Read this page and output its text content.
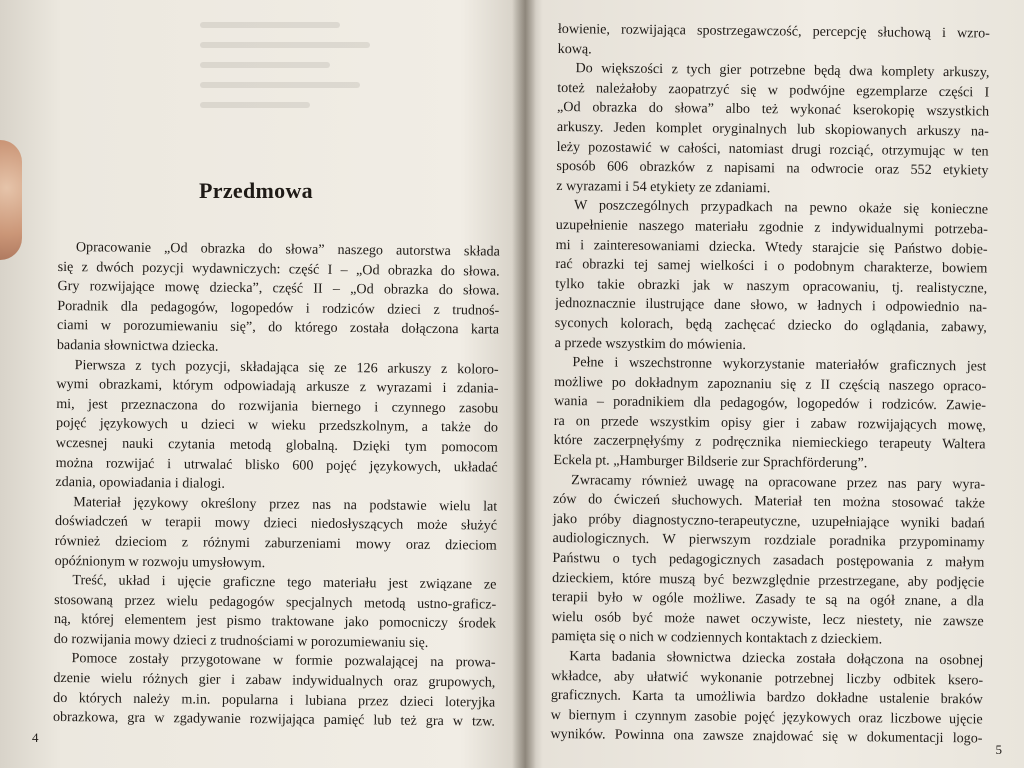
Przedmowa
Opracowanie „Od obrazka do słowa” naszego autorstwa składa
się z dwóch pozycji wydawniczych: część I – „Od obrazka do słowa.
Gry rozwijające mowę dziecka”, część II – „Od obrazka do słowa.
Poradnik dla pedagogów, logopedów i rodziców dzieci z trudnoś-
ciami w porozumiewaniu się”, do którego została dołączona karta
badania słownictwa dziecka.
Pierwsza z tych pozycji, składająca się ze 126 arkuszy z koloro-
wymi obrazkami, którym odpowiadają arkusze z wyrazami i zdania-
mi, jest przeznaczona do rozwijania biernego i czynnego zasobu
pojęć językowych u dzieci w wieku przedszkolnym, a także do
wczesnej nauki czytania metodą globalną. Dzięki tym pomocom
można rozwijać i utrwalać blisko 600 pojęć językowych, układać
zdania, opowiadania i dialogi.
Materiał językowy określony przez nas na podstawie wielu lat
doświadczeń w terapii mowy dzieci niedosłyszących może służyć
również dzieciom z różnymi zaburzeniami mowy oraz dzieciom
opóźnionym w rozwoju umysłowym.
Treść, układ i ujęcie graficzne tego materiału jest związane ze
stosowaną przez wielu pedagogów specjalnych metodą ustno-graficz-
ną, której elementem jest pismo traktowane jako pomocniczy środek
do rozwijania mowy dzieci z trudnościami w porozumiewaniu się.
Pomoce zostały przygotowane w formie pozwalającej na prowa-
dzenie wielu różnych gier i zabaw indywidualnych oraz grupowych,
do których należy m.in. popularna i lubiana przez dzieci loteryjka
obrazkowa, gra w zgadywanie rozwijająca pamięć lub też gra w tzw.
4
łowienie, rozwijająca spostrzegawczość, percepcję słuchową i wzro-
kową.
Do większości z tych gier potrzebne będą dwa komplety arkuszy,
toteż należałoby zaopatrzyć się w podwójne egzemplarze części I
„Od obrazka do słowa” albo też wykonać kserokopię wszystkich
arkuszy. Jeden komplet oryginalnych lub skopiowanych arkuszy na-
leży pozostawić w całości, natomiast drugi rozciąć, otrzymując w ten
sposób 606 obrazków z napisami na odwrocie oraz 552 etykiety
z wyrazami i 54 etykiety ze zdaniami.
W poszczególnych przypadkach na pewno okaże się konieczne
uzupełnienie naszego materiału zgodnie z indywidualnymi potrzeba-
mi i zainteresowaniami dziecka. Wtedy starajcie się Państwo dobie-
rać obrazki tej samej wielkości i o podobnym charakterze, bowiem
tylko takie obrazki jak w naszym opracowaniu, tj. realistyczne,
jednoznacznie ilustrujące dane słowo, w ładnych i odpowiednio na-
syconych kolorach, będą zachęcać dziecko do oglądania, zabawy,
a przede wszystkim do mówienia.
Pełne i wszechstronne wykorzystanie materiałów graficznych jest
możliwe po dokładnym zapoznaniu się z II częścią naszego opraco-
wania – poradnikiem dla pedagogów, logopedów i rodziców. Zawie-
ra on przede wszystkim opisy gier i zabaw rozwijających mowę,
które zaczerpnęłyśmy z podręcznika niemieckiego terapeuty Waltera
Eckela pt. „Hamburger Bildserie zur Sprachförderung”.
Zwracamy również uwagę na opracowane przez nas pary wyra-
zów do ćwiczeń słuchowych. Materiał ten można stosować także
jako próby diagnostyczno-terapeutyczne, uzupełniające wyniki badań
audiologicznych. W pierwszym rozdziale poradnika przypominamy
Państwu o tych pedagogicznych zasadach postępowania z małym
dzieckiem, które muszą być bezwzględnie przestrzegane, aby podjęcie
terapii było w ogóle możliwe. Zasady te są na ogół znane, a dla
wielu osób być może nawet oczywiste, lecz niestety, nie zawsze
pamięta się o nich w codziennych kontaktach z dzieckiem.
Karta badania słownictwa dziecka została dołączona na osobnej
wkładce, aby ułatwić wykonanie potrzebnej liczby odbitek ksero-
graficznych. Karta ta umożliwia bardzo dokładne ustalenie braków
w biernym i czynnym zasobie pojęć językowych oraz liczbowe ujęcie
wyników. Powinna ona zawsze znajdować się w dokumentacji logo-
5
